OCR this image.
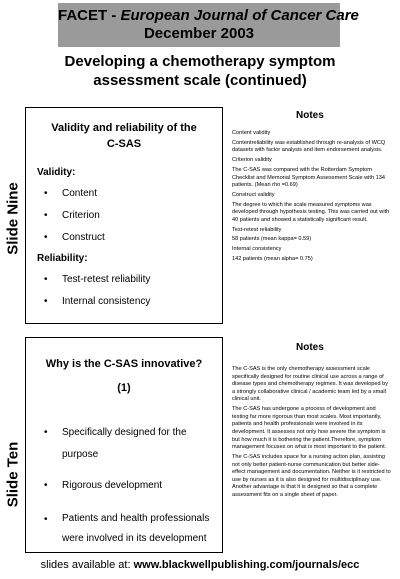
FACET - European Journal of Cancer Care
December 2003
Developing a chemotherapy symptom
assessment scale (continued)
Slide Nine
Validity and reliability of the
C-SAS
Validity:
• Content
• Criterion
• Construct
Reliability:
• Test-retest reliability
• Internal consistency
Notes

Content validity

Contentreliability was established through re-analysis of WCQ datasets with factor analysis and item endorsement analysis.

Criterion validity

The C-SAS was compared with the Rotterdam Symptom Checklist and Memorial Symptom Assessment Scale with 134 patients. (Mean rho =0.69)

Construct validity

The degree to which the scale measured symptoms was developed through hypothesis testing. This was carried out with 40 patients and showed a statistically significant result.

Test-retest reliability

58 patients (mean kappa= 0.59)

Internal consistency

142 patients (mean alpha= 0.75)

Slide Ten
Why is the C-SAS innovative?
(1)
• Specifically designed for the purpose
• Rigorous development
• Patients and health professionals were involved in its development
Notes

The C-SAS is the only chemotherapy assessment scale specifically designed for routine clinical use across a range of disease types and chemotherapy regimes. It was developed by a strongly collaborative clinical / academic team led by a small clinical unit.

The C-SAS has undergone a process of development and testing far more rigorous than most scales. Most importantly, patients and health professionals were involved in its development. It assesses not only how severe the symptom is but how much it is bothering the patient.Therefore, symptom management focuses on what is most important to the patient.

The C-SAS includes space for a nursing action plan, assisting not only better patient-nurse communication but better side-effect management and documentation. Neither is it restricted to use by nurses as it is also designed for multidisciplinary use. Another advantage is that it is designed so that a complete assessment fits on a single sheet of paper.

slides available at: www.blackwellpublishing.com/journals/ecc
